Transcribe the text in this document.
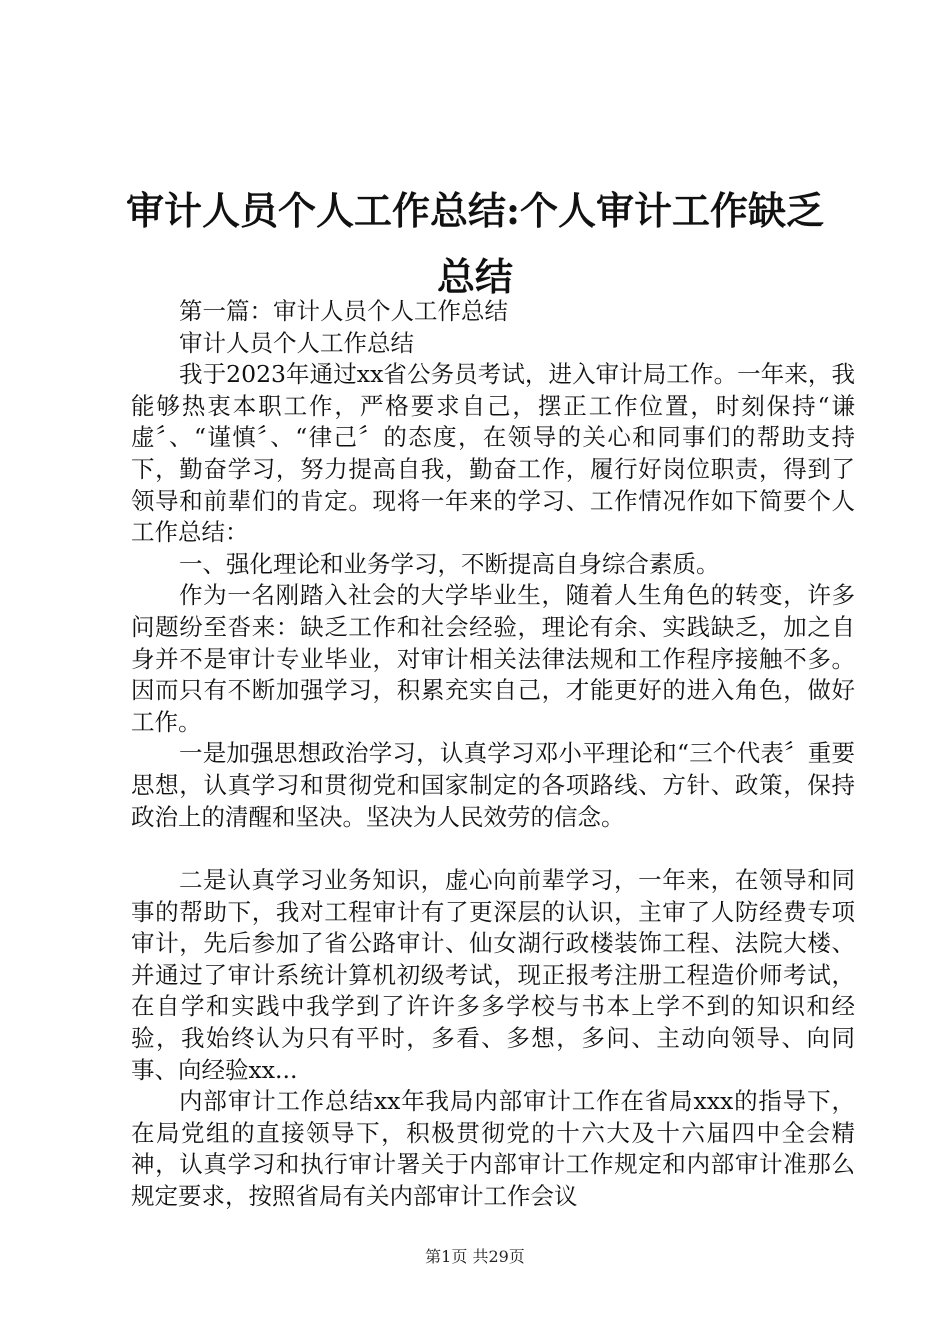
审计人员个人工作总结:个人审计工作缺乏总结

第一篇：审计人员个人工作总结

审计人员个人工作总结

我于2023年通过xx省公务员考试，进入审计局工作。一年来，我能够热衷本职工作，严格要求自己，摆正工作位置，时刻保持“谦虚〞、“谨慎〞、“律己〞的态度，在领导的关心和同事们的帮助支持下，勤奋学习，努力提高自我，勤奋工作，履行好岗位职责，得到了领导和前辈们的肯定。现将一年来的学习、工作情况作如下简要个人工作总结：

一、强化理论和业务学习，不断提高自身综合素质。

作为一名刚踏入社会的大学毕业生，随着人生角色的转变，许多问题纷至沓来：缺乏工作和社会经验，理论有余、实践缺乏，加之自身并不是审计专业毕业，对审计相关法律法规和工作程序接触不多。因而只有不断加强学习，积累充实自己，才能更好的进入角色，做好工作。

一是加强思想政治学习，认真学习邓小平理论和“三个代表〞重要思想，认真学习和贯彻党和国家制定的各项路线、方针、政策，保持政治上的清醒和坚决。坚决为人民效劳的信念。

二是认真学习业务知识，虚心向前辈学习，一年来，在领导和同事的帮助下，我对工程审计有了更深层的认识，主审了人防经费专项审计，先后参加了省公路审计、仙女湖行政楼装饰工程、法院大楼、并通过了审计系统计算机初级考试，现正报考注册工程造价师考试，在自学和实践中我学到了许许多多学校与书本上学不到的知识和经验，我始终认为只有平时，多看、多想，多问、主动向领导、向同事、向经验xx...

内部审计工作总结xx年我局内部审计工作在省局xxx的指导下，在局党组的直接领导下，积极贯彻党的十六大及十六届四中全会精神，认真学习和执行审计署关于内部审计工作规定和内部审计准那么规定要求，按照省局有关内部审计工作会议

第1页 共29页
